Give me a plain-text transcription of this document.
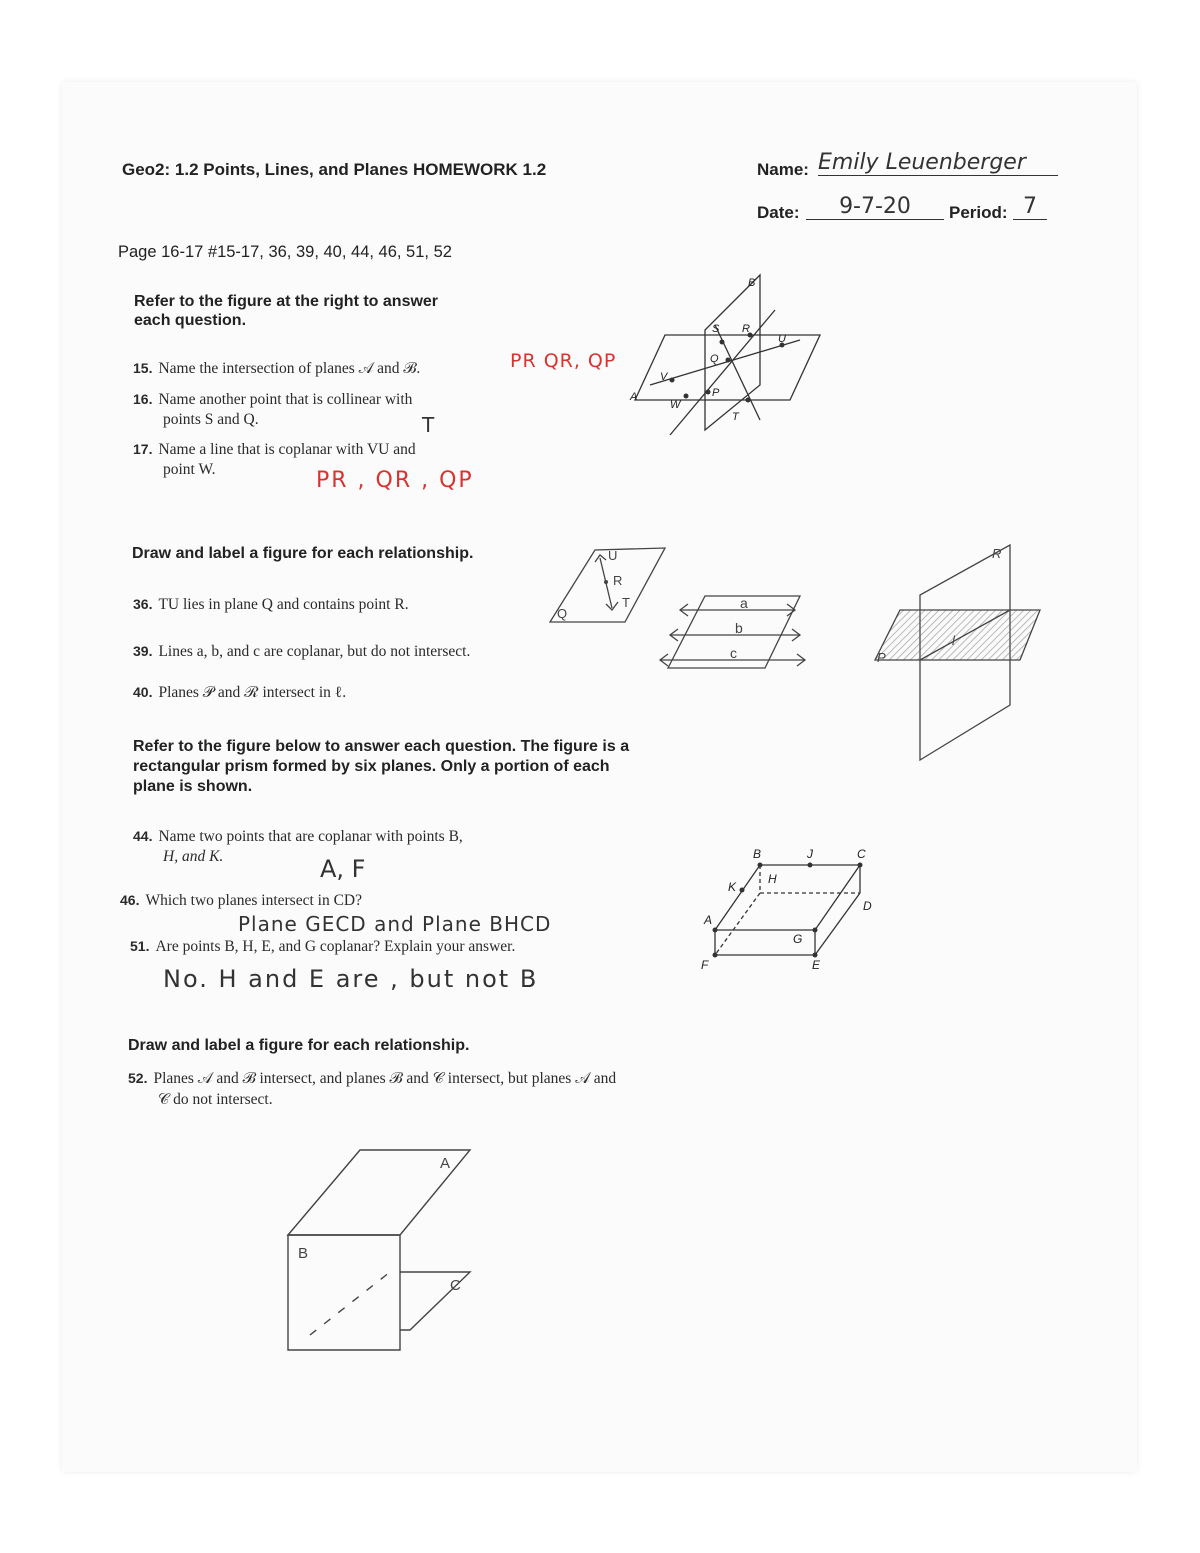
Geo2: 1.2 Points, Lines, and Planes HOMEWORK 1.2	Name: Emily Leuenberger
Date:	9-7-20	Period: 7
Page 16-17 #15-17, 36, 39, 40, 44, 46, 51, 52
Refer to the figure at the right to answer
each question.
15. Name the intersection of planes 𝒜 and ℬ.	PR QR, QP
16. Name another point that is collinear with
points S and Q.	T
17. Name a line that is coplanar with VU and
point W.	PR , QR , QP
B
A
S R
U
Q
V
P
W
T
Draw and label a figure for each relationship.
36. TU lies in plane Q and contains point R.
39. Lines a, b, and c are coplanar, but do not intersect.
40. Planes 𝒫 and ℛ intersect in ℓ.
U
R
Q
T	a
b
c
R
P
l
Refer to the figure below to answer each question. The figure is a
rectangular prism formed by six planes. Only a portion of each
plane is shown.
44. Name two points that are coplanar with points B,
H, and K.	A, F
46. Which two planes intersect in CD?
Plane GECD and Plane BHCD
51. Are points B, H, E, and G coplanar? Explain your answer.
No. H and E are , but not B
B	J	C
K
H
D
A
G
F	E
Draw and label a figure for each relationship.
52. Planes 𝒜 and ℬ intersect, and planes ℬ and 𝒞 intersect, but planes 𝒜 and
𝒞 do not intersect.
A
B
C
